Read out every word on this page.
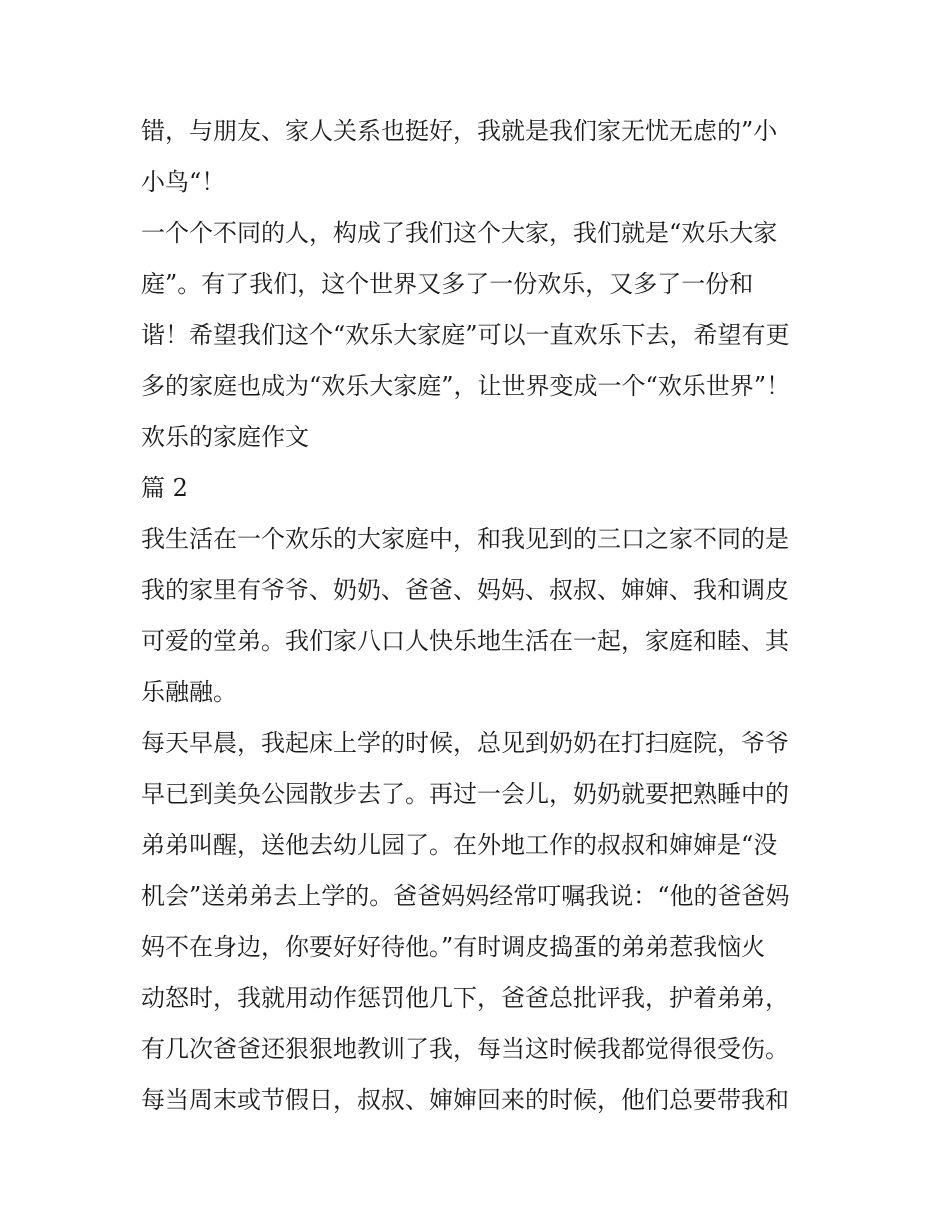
错，与朋友、家人关系也挺好，我就是我们家无忧无虑的”小
小鸟“！
一个个不同的人，构成了我们这个大家，我们就是“欢乐大家
庭”。有了我们，这个世界又多了一份欢乐，又多了一份和
谐！希望我们这个“欢乐大家庭”可以一直欢乐下去，希望有更
多的家庭也成为“欢乐大家庭”，让世界变成一个“欢乐世界”！
欢乐的家庭作文
篇 2
我生活在一个欢乐的大家庭中，和我见到的三口之家不同的是
我的家里有爷爷、奶奶、爸爸、妈妈、叔叔、婶婶、我和调皮
可爱的堂弟。我们家八口人快乐地生活在一起，家庭和睦、其
乐融融。
每天早晨，我起床上学的时候，总见到奶奶在打扫庭院，爷爷
早已到美奂公园散步去了。再过一会儿，奶奶就要把熟睡中的
弟弟叫醒，送他去幼儿园了。在外地工作的叔叔和婶婶是“没
机会”送弟弟去上学的。爸爸妈妈经常叮嘱我说：“他的爸爸妈
妈不在身边，你要好好待他。”有时调皮捣蛋的弟弟惹我恼火
动怒时，我就用动作惩罚他几下，爸爸总批评我，护着弟弟，
有几次爸爸还狠狠地教训了我，每当这时候我都觉得很受伤。
每当周末或节假日，叔叔、婶婶回来的时候，他们总要带我和
